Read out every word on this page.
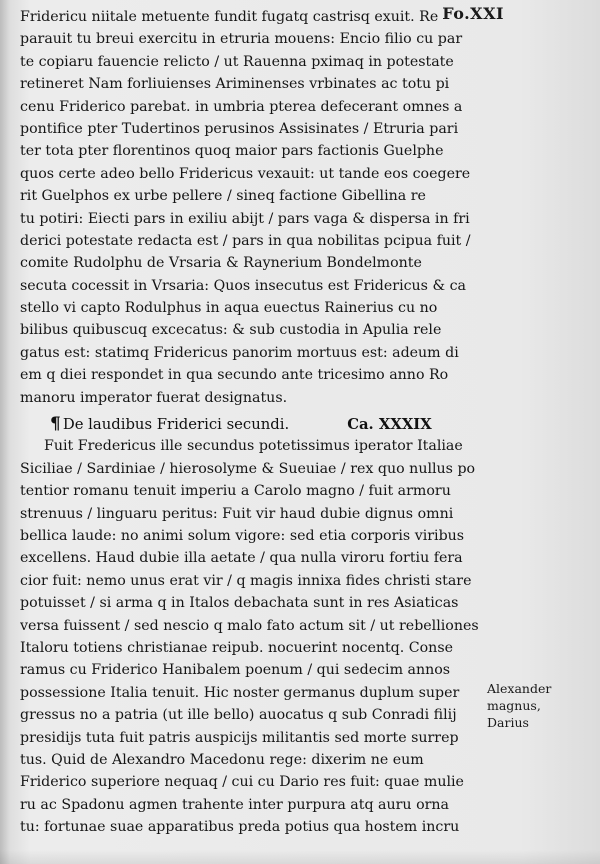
Fo.XXI
Fridericu niitale metuente fundit fugatq castrisq exuit. Re
parauit tu breui exercitu in etruria mouens: Encio filio cu par
te copiaru fauencie relicto / ut Rauenna pximaq in potestate
retineret Nam forliuienses Ariminenses vrbinates ac totu pi
cenu Friderico parebat. in umbria pterea defecerant omnes a
pontifice pter Tudertinos perusinos Assisinates / Etruria pari
ter tota pter florentinos quoq maior pars factionis Guelphe
quos certe adeo bello Fridericus vexauit: ut tande eos coegere
rit Guelphos ex urbe pellere / sineq factione Gibellina re
tu potiri: Eiecti pars in exiliu abijt / pars vaga & dispersa in fri
derici potestate redacta est / pars in qua nobilitas pcipua fuit /
comite Rudolphu de Vrsaria & Raynerium Bondelmonte
secuta cocessit in Vrsaria: Quos insecutus est Fridericus & ca
stello vi capto Rodulphus in aqua euectus Rainerius cu no
bilibus quibuscuq excecatus: & sub custodia in Apulia rele
gatus est: statimq Fridericus panorim mortuus est: adeum di
em q diei respondet in qua secundo ante tricesimo anno Ro
manoru imperator fuerat designatus.
¶ De laudibus Friderici secundi.	Ca. XXXIX
Fuit Fredericus ille secundus potetissimus iperator Italiae
Siciliae / Sardiniae / hierosolyme & Sueuiae / rex quo nullus po
tentior romanu tenuit imperiu a Carolo magno / fuit armoru
strenuus / linguaru peritus: Fuit vir haud dubie dignus omni
bellica laude: no animi solum vigore: sed etia corporis viribus
excellens. Haud dubie illa aetate / qua nulla viroru fortiu fera
cior fuit: nemo unus erat vir / q magis innixa fides christi stare
potuisset / si arma q in Italos debachata sunt in res Asiaticas
versa fuissent / sed nescio q malo fato actum sit / ut rebelliones
Italoru totiens christianae reipub. nocuerint nocentq. Conse
ramus cu Friderico Hanibalem poenum / qui sedecim annos
possessione Italia tenuit. Hic noster germanus duplum super
gressus no a patria (ut ille bello) auocatus q sub Conradi filij
presidijs tuta fuit patris auspicijs militantis sed morte surrep
tus. Quid de Alexandro Macedonu rege: dixerim ne eum
Friderico superiore nequaq / cui cu Dario res fuit: quae mulie
ru ac Spadonu agmen trahente inter purpura atq auru orna
tu: fortunae suae apparatibus preda potius qua hostem incru
Alexander
magnus,
Darius
